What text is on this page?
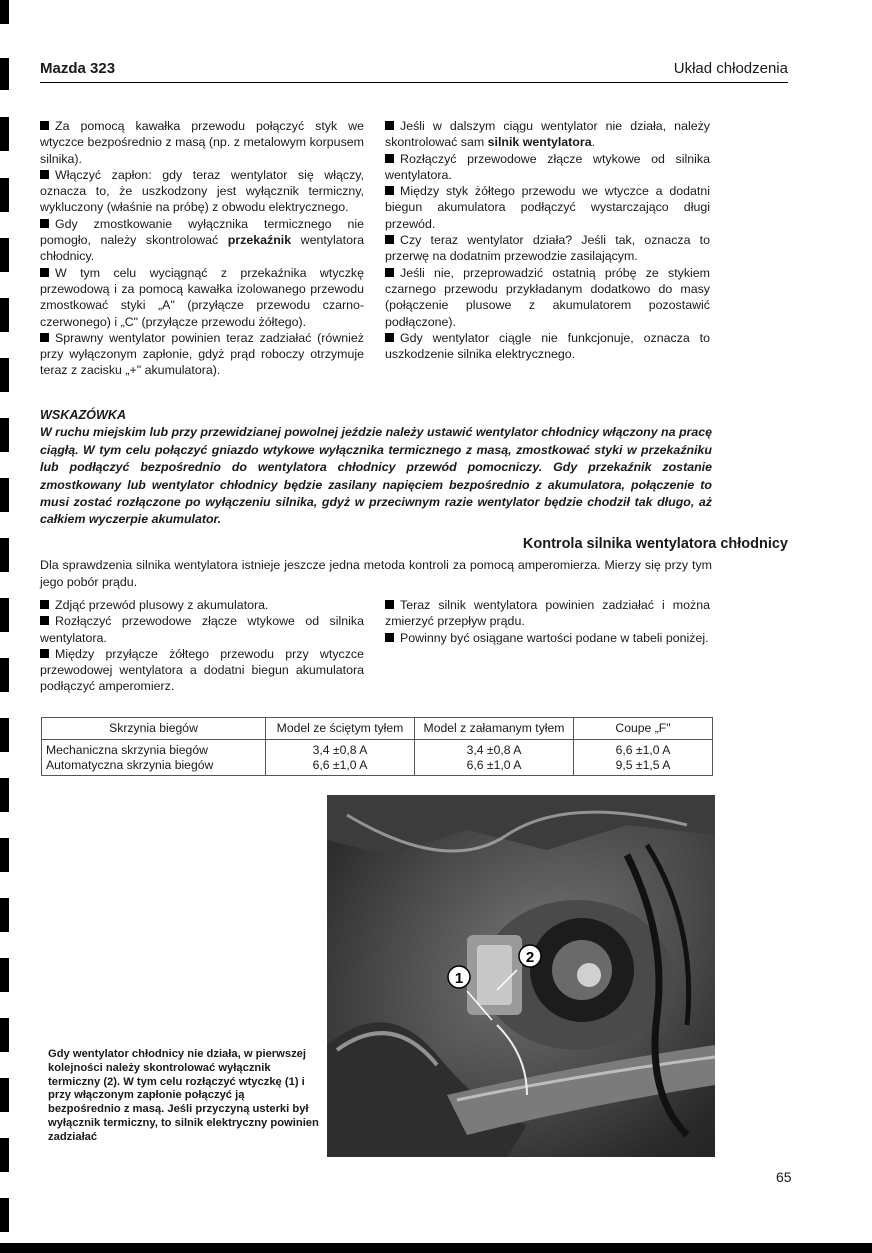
Mazda 323	Układ chłodzenia

Za pomocą kawałka przewodu połączyć styk we wtyczce bezpośrednio z masą (np. z metalowym korpusem silnika).

Włączyć zapłon: gdy teraz wentylator się włączy, oznacza to, że uszkodzony jest wyłącznik termiczny, wykluczony (właśnie na próbę) z obwodu elektrycznego.

Gdy zmostkowanie wyłącznika termicznego nie pomogło, należy skontrolować przekaźnik wentylatora chłodnicy.

W tym celu wyciągnąć z przekaźnika wtyczkę przewodową i za pomocą kawałka izolowanego przewodu zmostkować styki „A" (przyłącze przewodu czarno-czerwonego) i „C" (przyłącze przewodu żółtego).

Sprawny wentylator powinien teraz zadziałać (również przy wyłączonym zapłonie, gdyż prąd roboczy otrzymuje teraz z zacisku „+" akumulatora).

Jeśli w dalszym ciągu wentylator nie działa, należy skontrolować sam silnik wentylatora.

Rozłączyć przewodowe złącze wtykowe od silnika wentylatora.

Między styk żółtego przewodu we wtyczce a dodatni biegun akumulatora podłączyć wystarczająco długi przewód.

Czy teraz wentylator działa? Jeśli tak, oznacza to przerwę na dodatnim przewodzie zasilającym.

Jeśli nie, przeprowadzić ostatnią próbę ze stykiem czarnego przewodu przykładanym dodatkowo do masy (połączenie plusowe z akumulatorem pozostawić podłączone).

Gdy wentylator ciągle nie funkcjonuje, oznacza to uszkodzenie silnika elektrycznego.

WSKAZÓWKA
W ruchu miejskim lub przy przewidzianej powolnej jeździe należy ustawić wentylator chłodnicy włączony na pracę ciągłą. W tym celu połączyć gniazdo wtykowe wyłącznika termicznego z masą, zmostkować styki w przekaźniku lub podłączyć bezpośrednio do wentylatora chłodnicy przewód pomocniczy. Gdy przekaźnik zostanie zmostkowany lub wentylator chłodnicy będzie zasilany napięciem bezpośrednio z akumulatora, połączenie to musi zostać rozłączone po wyłączeniu silnika, gdyż w przeciwnym razie wentylator będzie chodził tak długo, aż całkiem wyczerpie akumulator.
Kontrola silnika wentylatora chłodnicy
Dla sprawdzenia silnika wentylatora istnieje jeszcze jedna metoda kontroli za pomocą amperomierza. Mierzy się przy tym jego pobór prądu.

Zdjąć przewód plusowy z akumulatora.

Rozłączyć przewodowe złącze wtykowe od silnika wentylatora.

Między przyłącze żółtego przewodu przy wtyczce przewodowej wentylatora a dodatni biegun akumulatora podłączyć amperomierz.

Teraz silnik wentylatora powinien zadziałać i można zmierzyć przepływ prądu.

Powinny być osiągane wartości podane w tabeli poniżej.

Skrzynia biegów	Model ze ściętym tyłem	Model z załamanym tyłem	Coupe „F"
Mechaniczna skrzynia biegów	3,4 ±0,8 A	3,4 ±0,8 A	6,6 ±1,0 A
Automatyczna skrzynia biegów	6,6 ±1,0 A	6,6 ±1,0 A	9,5 ±1,5 A
1
2
Gdy wentylator chłodnicy nie działa, w pierwszej kolejności należy skontrolować wyłącznik termiczny (2). W tym celu rozłączyć wtyczkę (1) i przy włączonym zapłonie połączyć ją bezpośrednio z masą. Jeśli przyczyną usterki był wyłącznik termiczny, to silnik elektryczny powinien zadziałać
65
